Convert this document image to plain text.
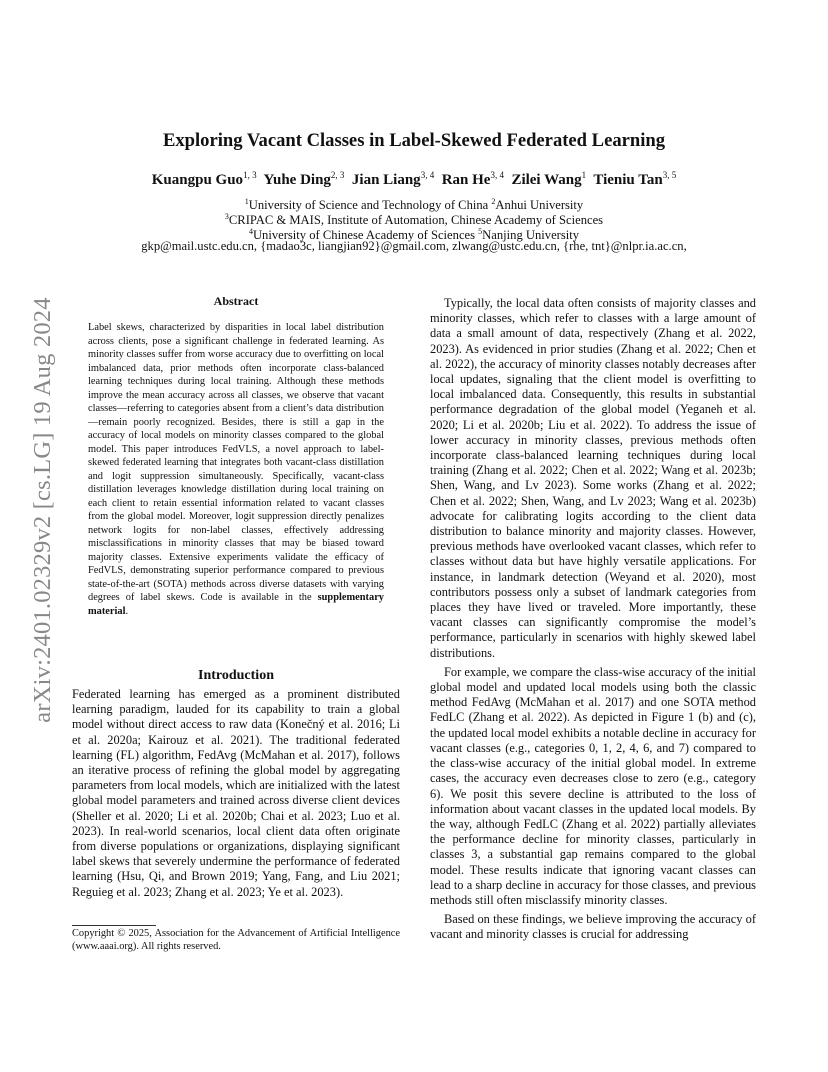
arXiv:2401.02329v2 [cs.LG] 19 Aug 2024
Exploring Vacant Classes in Label-Skewed Federated Learning
Kuangpu Guo$^{1, 3}$ Yuhe Ding$^{2, 3}$ Jian Liang$^{3, 4}$ Ran He$^{3, 4}$ Zilei Wang$^1$ Tieniu Tan$^{3, 5}$
$^1$University of Science and Technology of China $^2$Anhui University
$^3$CRIPAC & MAIS, Institute of Automation, Chinese Academy of Sciences
$^4$University of Chinese Academy of Sciences $^5$Nanjing University
gkp@mail.ustc.edu.cn, {madao3c, liangjian92}@gmail.com, zlwang@ustc.edu.cn, {rhe, tnt}@nlpr.ia.ac.cn,
Abstract
Label skews, characterized by disparities in local label distribution across clients, pose a significant challenge in federated learning. As minority classes suffer from worse accuracy due to overfitting on local imbalanced data, prior methods often incorporate class-balanced learning techniques during local training. Although these methods improve the mean accuracy across all classes, we observe that vacant classes—referring to categories absent from a client’s data distribution—remain poorly recognized. Besides, there is still a gap in the accuracy of local models on minority classes compared to the global model. This paper introduces FedVLS, a novel approach to label-skewed federated learning that integrates both vacant-class distillation and logit suppression simultaneously. Specifically, vacant-class distillation leverages knowledge distillation during local training on each client to retain essential information related to vacant classes from the global model. Moreover, logit suppression directly penalizes network logits for non-label classes, effectively addressing misclassifications in minority classes that may be biased toward majority classes. Extensive experiments validate the efficacy of FedVLS, demonstrating superior performance compared to previous state-of-the-art (SOTA) methods across diverse datasets with varying degrees of label skews. Code is available in the supplementary material.
Introduction
Federated learning has emerged as a prominent distributed learning paradigm, lauded for its capability to train a global model without direct access to raw data (Konečný et al. 2016; Li et al. 2020a; Kairouz et al. 2021). The traditional federated learning (FL) algorithm, FedAvg (McMahan et al. 2017), follows an iterative process of refining the global model by aggregating parameters from local models, which are initialized with the latest global model parameters and trained across diverse client devices (Sheller et al. 2020; Li et al. 2020b; Chai et al. 2023; Luo et al. 2023). In real-world scenarios, local client data often originate from diverse populations or organizations, displaying significant label skews that severely undermine the performance of federated learning (Hsu, Qi, and Brown 2019; Yang, Fang, and Liu 2021; Reguieg et al. 2023; Zhang et al. 2023; Ye et al. 2023).
Copyright © 2025, Association for the Advancement of Artificial Intelligence (www.aaai.org). All rights reserved.

Typically, the local data often consists of majority classes and minority classes, which refer to classes with a large amount of data a small amount of data, respectively (Zhang et al. 2022, 2023). As evidenced in prior studies (Zhang et al. 2022; Chen et al. 2022), the accuracy of minority classes notably decreases after local updates, signaling that the client model is overfitting to local imbalanced data. Consequently, this results in substantial performance degradation of the global model (Yeganeh et al. 2020; Li et al. 2020b; Liu et al. 2022). To address the issue of lower accuracy in minority classes, previous methods often incorporate class-balanced learning techniques during local training (Zhang et al. 2022; Chen et al. 2022; Wang et al. 2023b; Shen, Wang, and Lv 2023). Some works (Zhang et al. 2022; Chen et al. 2022; Shen, Wang, and Lv 2023; Wang et al. 2023b) advocate for calibrating logits according to the client data distribution to balance minority and majority classes. However, previous methods have overlooked vacant classes, which refer to classes without data but have highly versatile applications. For instance, in landmark detection (Weyand et al. 2020), most contributors possess only a subset of landmark categories from places they have lived or traveled. More importantly, these vacant classes can significantly compromise the model’s performance, particularly in scenarios with highly skewed label distributions.

For example, we compare the class-wise accuracy of the initial global model and updated local models using both the classic method FedAvg (McMahan et al. 2017) and one SOTA method FedLC (Zhang et al. 2022). As depicted in Figure 1 (b) and (c), the updated local model exhibits a notable decline in accuracy for vacant classes (e.g., categories 0, 1, 2, 4, 6, and 7) compared to the class-wise accuracy of the initial global model. In extreme cases, the accuracy even decreases close to zero (e.g., category 6). We posit this severe decline is attributed to the loss of information about vacant classes in the updated local models. By the way, although FedLC (Zhang et al. 2022) partially alleviates the performance decline for minority classes, particularly in classes 3, a substantial gap remains compared to the global model. These results indicate that ignoring vacant classes can lead to a sharp decline in accuracy for those classes, and previous methods still often misclassify minority classes.

Based on these findings, we believe improving the accuracy of vacant and minority classes is crucial for addressing
